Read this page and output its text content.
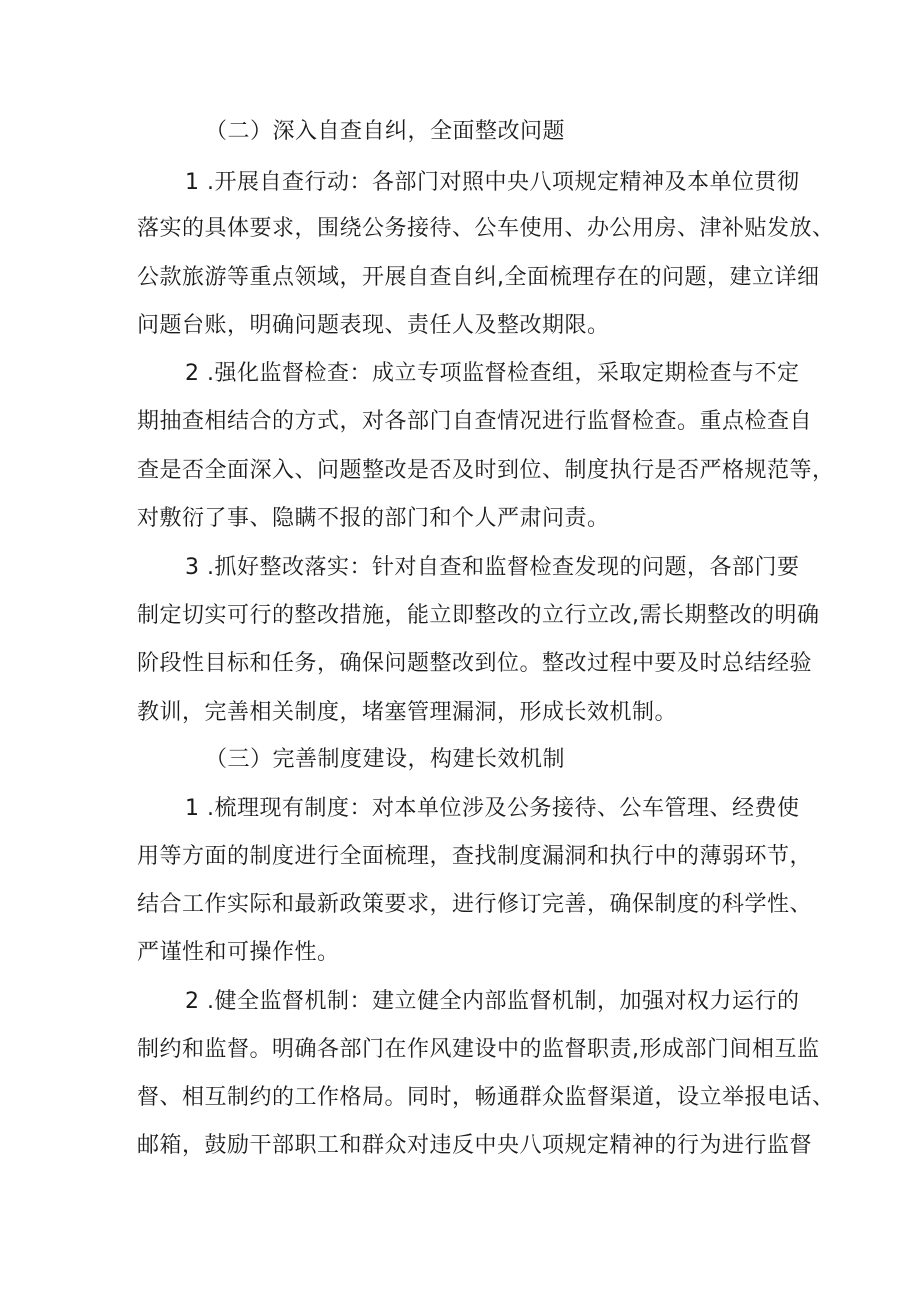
（二）深入自查自纠，全面整改问题

1 .开展自查行动：各部门对照中央八项规定精神及本单位贯彻

落实的具体要求，围绕公务接待、公车使用、办公用房、津补贴发放、

公款旅游等重点领域，开展自查自纠,全面梳理存在的问题，建立详细

问题台账，明确问题表现、责任人及整改期限。

2 .强化监督检查：成立专项监督检查组，采取定期检查与不定

期抽查相结合的方式，对各部门自查情况进行监督检查。重点检查自

查是否全面深入、问题整改是否及时到位、制度执行是否严格规范等，

对敷衍了事、隐瞒不报的部门和个人严肃问责。

3 .抓好整改落实：针对自查和监督检查发现的问题，各部门要

制定切实可行的整改措施，能立即整改的立行立改,需长期整改的明确

阶段性目标和任务，确保问题整改到位。整改过程中要及时总结经验

教训，完善相关制度，堵塞管理漏洞，形成长效机制。

（三）完善制度建设，构建长效机制

1 .梳理现有制度：对本单位涉及公务接待、公车管理、经费使

用等方面的制度进行全面梳理，查找制度漏洞和执行中的薄弱环节，

结合工作实际和最新政策要求，进行修订完善，确保制度的科学性、

严谨性和可操作性。

2 .健全监督机制：建立健全内部监督机制，加强对权力运行的

制约和监督。明确各部门在作风建设中的监督职责,形成部门间相互监

督、相互制约的工作格局。同时，畅通群众监督渠道，设立举报电话、

邮箱，鼓励干部职工和群众对违反中央八项规定精神的行为进行监督
